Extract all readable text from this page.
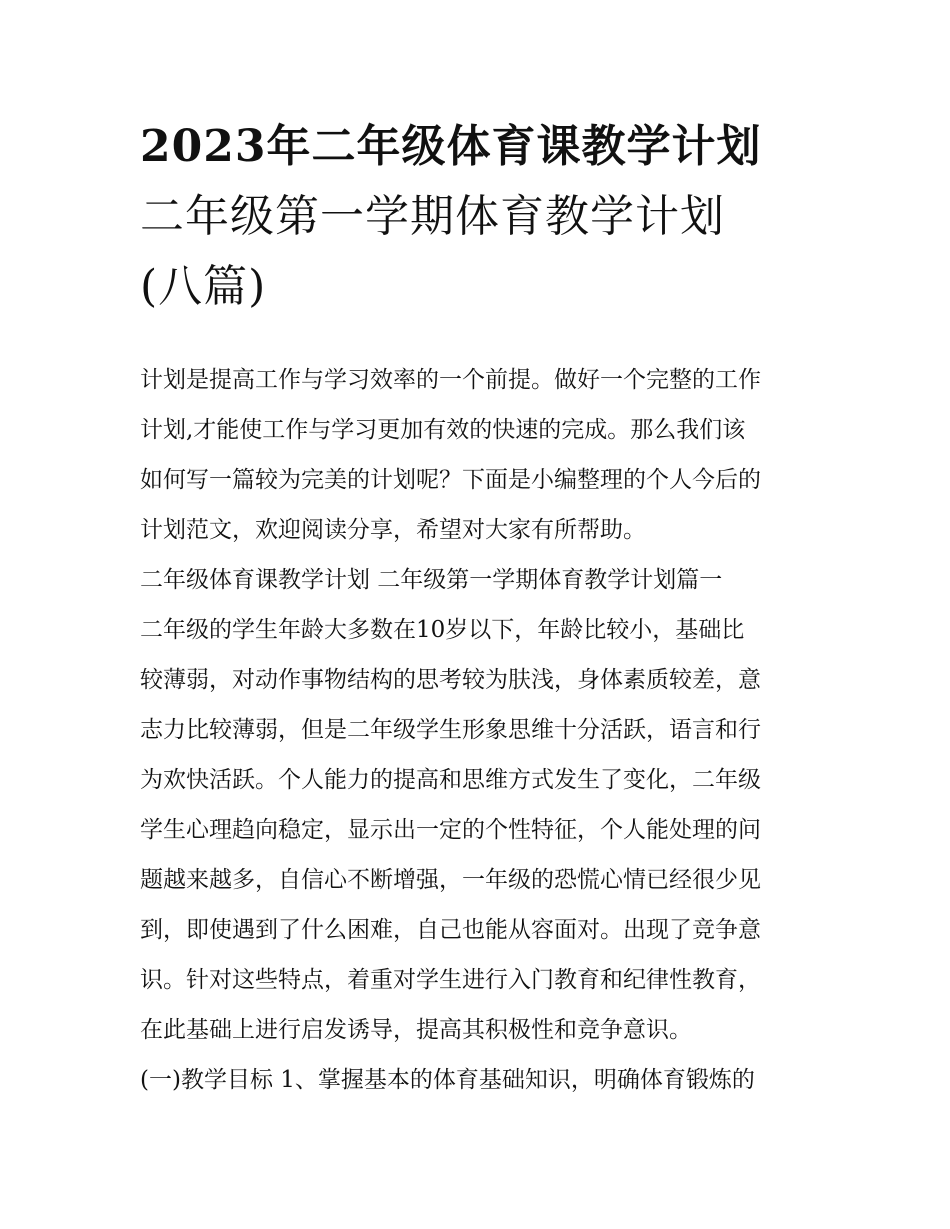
2023年二年级体育课教学计划
二年级第一学期体育教学计划
(八篇)

计划是提高工作与学习效率的一个前提。做好一个完整的工作
计划,才能使工作与学习更加有效的快速的完成。那么我们该
如何写一篇较为完美的计划呢？下面是小编整理的个人今后的
计划范文，欢迎阅读分享，希望对大家有所帮助。

二年级体育课教学计划 二年级第一学期体育教学计划篇一

二年级的学生年龄大多数在10岁以下，年龄比较小，基础比
较薄弱，对动作事物结构的思考较为肤浅，身体素质较差，意
志力比较薄弱，但是二年级学生形象思维十分活跃，语言和行
为欢快活跃。个人能力的提高和思维方式发生了变化，二年级
学生心理趋向稳定，显示出一定的个性特征，个人能处理的问
题越来越多，自信心不断增强，一年级的恐慌心情已经很少见
到，即使遇到了什么困难，自己也能从容面对。出现了竞争意
识。针对这些特点，着重对学生进行入门教育和纪律性教育，
在此基础上进行启发诱导，提高其积极性和竞争意识。

(一)教学目标 1、掌握基本的体育基础知识，明确体育锻炼的
